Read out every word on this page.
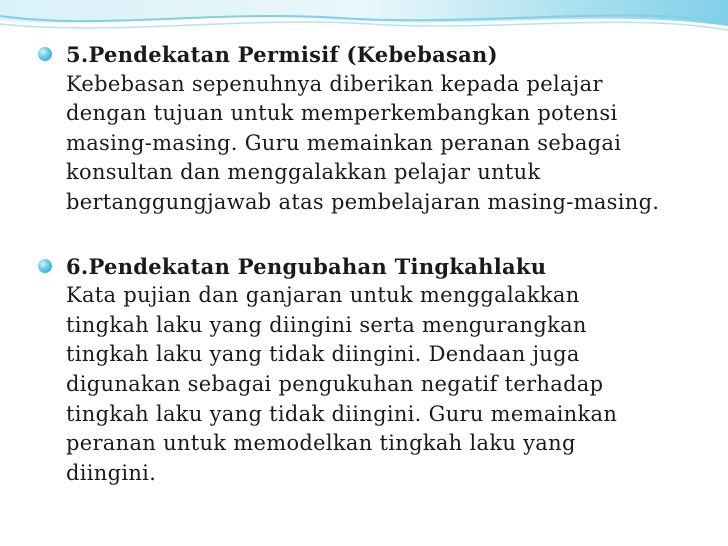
5.Pendekatan Permisif (Kebebasan)
Kebebasan sepenuhnya diberikan kepada pelajar
dengan tujuan untuk memperkembangkan potensi
masing-masing. Guru memainkan peranan sebagai
konsultan dan menggalakkan pelajar untuk
bertanggungjawab atas pembelajaran masing-masing.
6.Pendekatan Pengubahan Tingkahlaku
Kata pujian dan ganjaran untuk menggalakkan
tingkah laku yang diingini serta mengurangkan
tingkah laku yang tidak diingini. Dendaan juga
digunakan sebagai pengukuhan negatif terhadap
tingkah laku yang tidak diingini. Guru memainkan
peranan untuk memodelkan tingkah laku yang
diingini.
